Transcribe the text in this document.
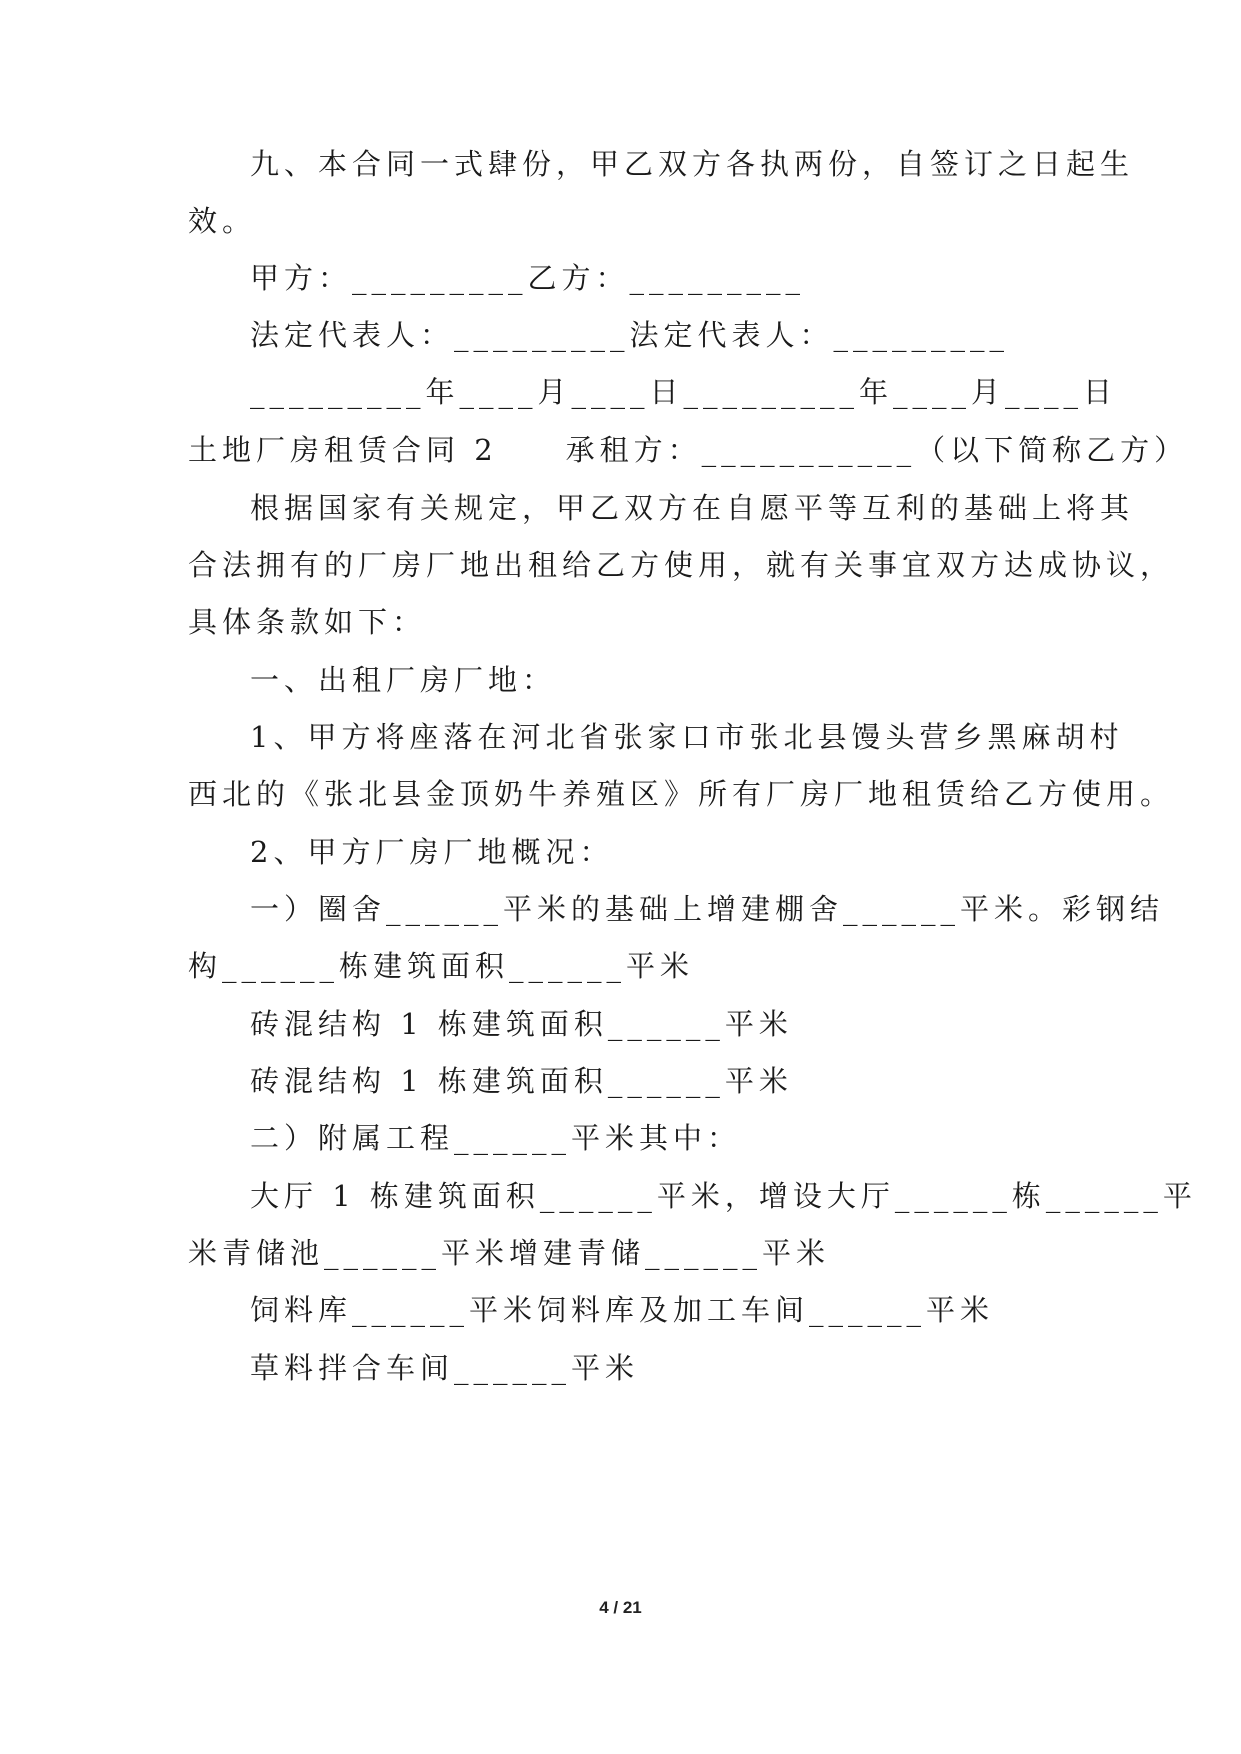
九、本合同一式肆份，甲乙双方各执两份，自签订之日起生
效。
甲方：_________乙方：_________
法定代表人：_________法定代表人：_________
_________年____月____日_________年____月____日
土地厂房租赁合同 2　　承租方：___________（以下简称乙方）
根据国家有关规定，甲乙双方在自愿平等互利的基础上将其
合法拥有的厂房厂地出租给乙方使用，就有关事宜双方达成协议，
具体条款如下：
一、出租厂房厂地：
1、甲方将座落在河北省张家口市张北县馒头营乡黑麻胡村
西北的《张北县金顶奶牛养殖区》所有厂房厂地租赁给乙方使用。
2、甲方厂房厂地概况：
一）圈舍______平米的基础上增建棚舍______平米。彩钢结
构______栋建筑面积______平米
砖混结构 1 栋建筑面积______平米
砖混结构 1 栋建筑面积______平米
二）附属工程______平米其中：
大厅 1 栋建筑面积______平米，增设大厅______栋______平
米青储池______平米增建青储______平米
饲料库______平米饲料库及加工车间______平米
草料拌合车间______平米
4 / 21
